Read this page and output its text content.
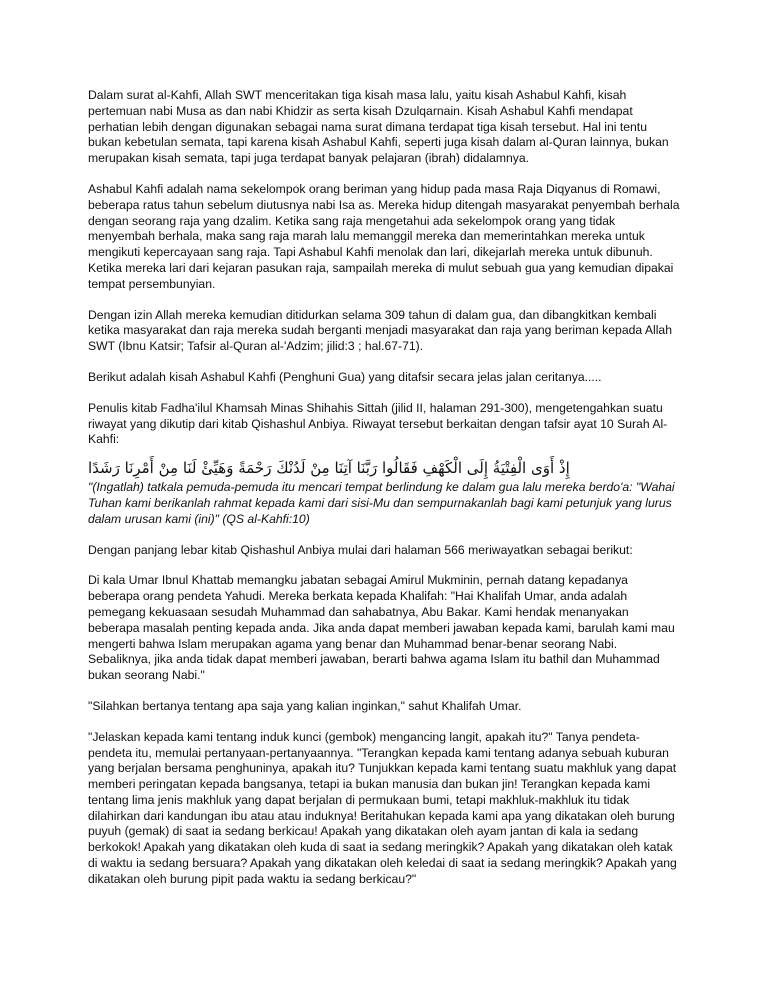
Dalam surat al-Kahfi, Allah SWT menceritakan tiga kisah masa lalu, yaitu kisah Ashabul Kahfi, kisah pertemuan nabi Musa as dan nabi Khidzir as serta kisah Dzulqarnain. Kisah Ashabul Kahfi mendapat perhatian lebih dengan digunakan sebagai nama surat dimana terdapat tiga kisah tersebut. Hal ini tentu bukan kebetulan semata, tapi karena kisah Ashabul Kahfi, seperti juga kisah dalam al-Quran lainnya, bukan merupakan kisah semata, tapi juga terdapat banyak pelajaran (ibrah) didalamnya.

Ashabul Kahfi adalah nama sekelompok orang beriman yang hidup pada masa Raja Diqyanus di Romawi, beberapa ratus tahun sebelum diutusnya nabi Isa as. Mereka hidup ditengah masyarakat penyembah berhala dengan seorang raja yang dzalim. Ketika sang raja mengetahui ada sekelompok orang yang tidak menyembah berhala, maka sang raja marah lalu memanggil mereka dan memerintahkan mereka untuk mengikuti kepercayaan sang raja. Tapi Ashabul Kahfi menolak dan lari, dikejarlah mereka untuk dibunuh. Ketika mereka lari dari kejaran pasukan raja, sampailah mereka di mulut sebuah gua yang kemudian dipakai tempat persembunyian.

Dengan izin Allah mereka kemudian ditidurkan selama 309 tahun di dalam gua, dan dibangkitkan kembali ketika masyarakat dan raja mereka sudah berganti menjadi masyarakat dan raja yang beriman kepada Allah SWT (Ibnu Katsir; Tafsir al-Quran al-'Adzim; jilid:3 ; hal.67-71).

Berikut adalah kisah Ashabul Kahfi (Penghuni Gua) yang ditafsir secara jelas jalan ceritanya.....

Penulis kitab Fadha'ilul Khamsah Minas Shihahis Sittah (jilid II, halaman 291-300), mengetengahkan suatu riwayat yang dikutip dari kitab Qishashul Anbiya. Riwayat tersebut berkaitan dengan tafsir ayat 10 Surah Al-Kahfi:

إِذْ أَوَى الْفِتْيَةُ إِلَى الْكَهْفِ فَقَالُوا رَبَّنَا آتِنَا مِنْ لَدُنْكَ رَحْمَةً وَهَيِّئْ لَنَا مِنْ أَمْرِنَا رَشَدًا

"(Ingatlah) tatkala pemuda-pemuda itu mencari tempat berlindung ke dalam gua lalu mereka berdo'a: "Wahai Tuhan kami berikanlah rahmat kepada kami dari sisi-Mu dan sempurnakanlah bagi kami petunjuk yang lurus dalam urusan kami (ini)" (QS al-Kahfi:10)

Dengan panjang lebar kitab Qishashul Anbiya mulai dari halaman 566 meriwayatkan sebagai berikut:

Di kala Umar Ibnul Khattab memangku jabatan sebagai Amirul Mukminin, pernah datang kepadanya beberapa orang pendeta Yahudi. Mereka berkata kepada Khalifah: "Hai Khalifah Umar, anda adalah pemegang kekuasaan sesudah Muhammad dan sahabatnya, Abu Bakar. Kami hendak menanyakan beberapa masalah penting kepada anda. Jika anda dapat memberi jawaban kepada kami, barulah kami mau mengerti bahwa Islam merupakan agama yang benar dan Muhammad benar-benar seorang Nabi. Sebaliknya, jika anda tidak dapat memberi jawaban, berarti bahwa agama Islam itu bathil dan Muhammad bukan seorang Nabi."

"Silahkan bertanya tentang apa saja yang kalian inginkan," sahut Khalifah Umar.

"Jelaskan kepada kami tentang induk kunci (gembok) mengancing langit, apakah itu?" Tanya pendeta-pendeta itu, memulai pertanyaan-pertanyaannya. "Terangkan kepada kami tentang adanya sebuah kuburan yang berjalan bersama penghuninya, apakah itu? Tunjukkan kepada kami tentang suatu makhluk yang dapat memberi peringatan kepada bangsanya, tetapi ia bukan manusia dan bukan jin! Terangkan kepada kami tentang lima jenis makhluk yang dapat berjalan di permukaan bumi, tetapi makhluk-makhluk itu tidak dilahirkan dari kandungan ibu atau atau induknya! Beritahukan kepada kami apa yang dikatakan oleh burung puyuh (gemak) di saat ia sedang berkicau! Apakah yang dikatakan oleh ayam jantan di kala ia sedang berkokok! Apakah yang dikatakan oleh kuda di saat ia sedang meringkik? Apakah yang dikatakan oleh katak di waktu ia sedang bersuara? Apakah yang dikatakan oleh keledai di saat ia sedang meringkik? Apakah yang dikatakan oleh burung pipit pada waktu ia sedang berkicau?"
